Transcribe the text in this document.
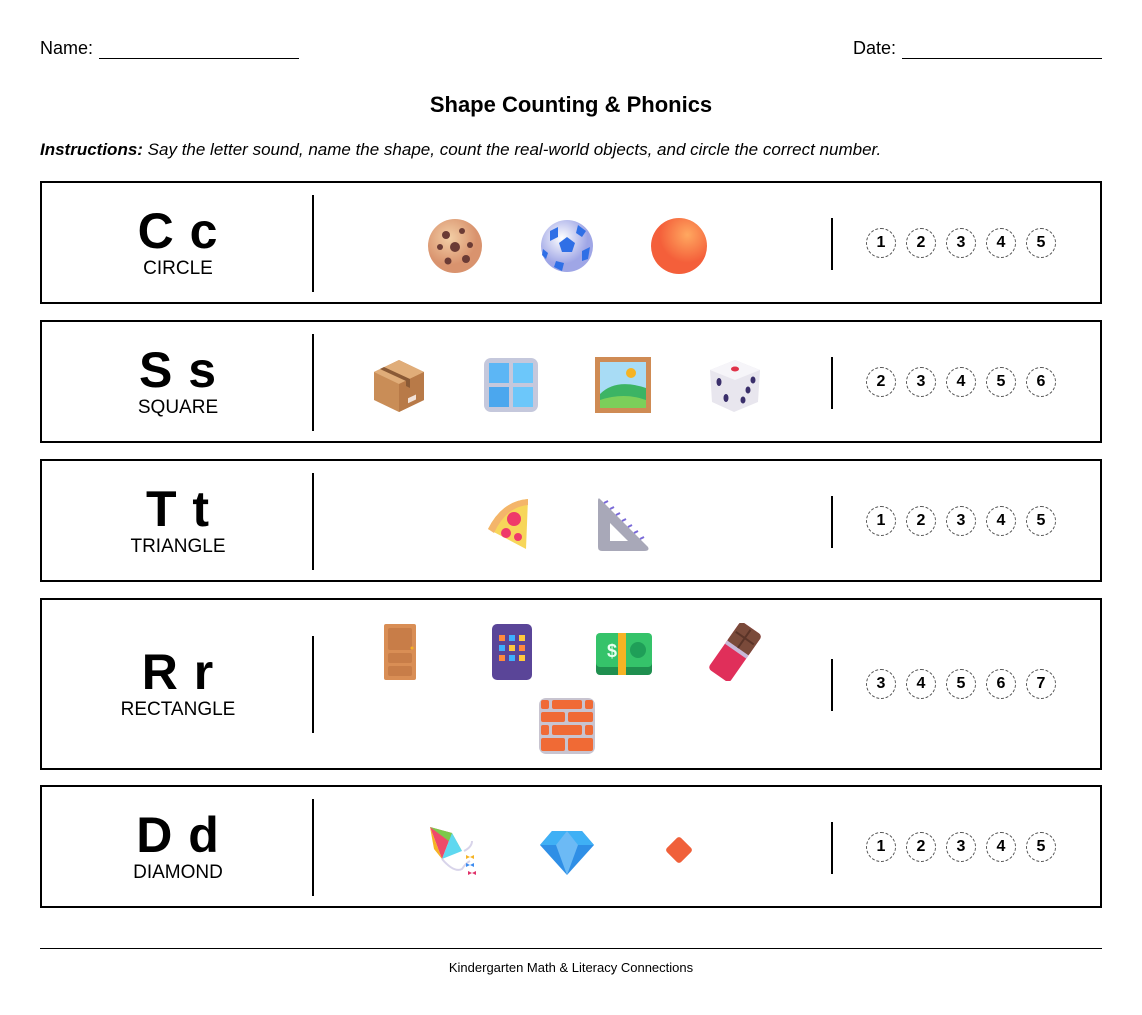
Name:	Date:
Shape Counting & Phonics
Instructions: Say the letter sound, name the shape, count the real-world objects, and circle the correct number.
C c
CIRCLE
1	2	3	4	5
S s
SQUARE
2	3	4	5	6
T t
TRIANGLE
1	2	3	4	5
R r
RECTANGLE
$
3	4	5	6	7
D d
DIAMOND
1	2	3	4	5
Kindergarten Math & Literacy Connections
